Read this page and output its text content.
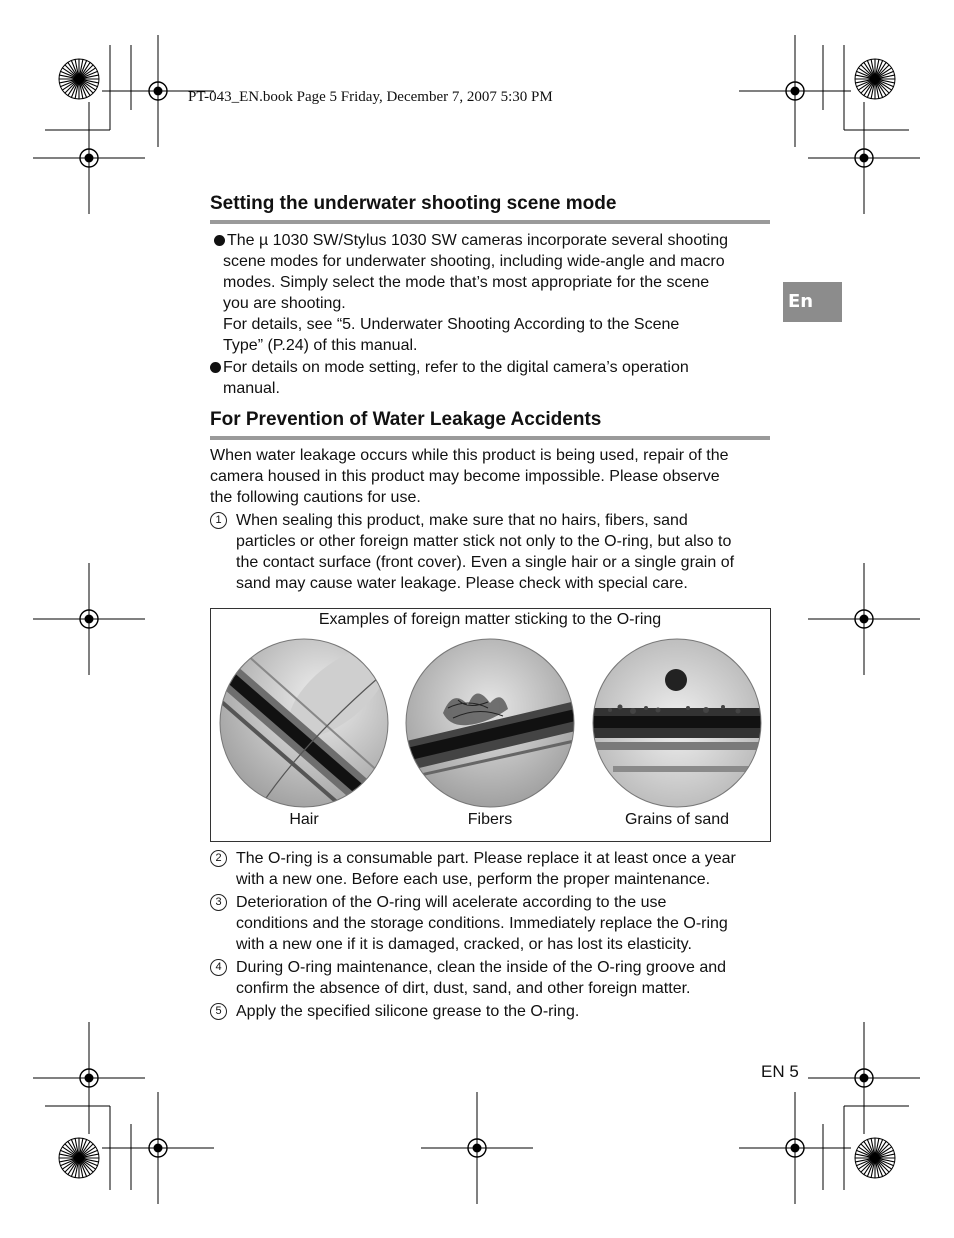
PT-043_EN.book Page 5 Friday, December 7, 2007 5:30 PM
En
Setting the underwater shooting scene mode
The µ 1030 SW/Stylus 1030 SW cameras incorporate several shooting
scene modes for underwater shooting, including wide-angle and macro
modes. Simply select the mode that’s most appropriate for the scene
you are shooting.
For details, see “5. Underwater Shooting According to the Scene
Type” (P.24) of this manual.
For details on mode setting, refer to the digital camera’s operation
manual.
For Prevention of Water Leakage Accidents
When water leakage occurs while this product is being used, repair of the
camera housed in this product may become impossible. Please observe
the following cautions for use.
1 When sealing this product, make sure that no hairs, fibers, sand
particles or other foreign matter stick not only to the O-ring, but also to
the contact surface (front cover). Even a single hair or a single grain of
sand may cause water leakage. Please check with special care.
Examples of foreign matter sticking to the O-ring
Hair	Fibers	Grains of sand
2 The O-ring is a consumable part. Please replace it at least once a year
with a new one. Before each use, perform the proper maintenance.
3 Deterioration of the O-ring will acelerate according to the use
conditions and the storage conditions. Immediately replace the O-ring
with a new one if it is damaged, cracked, or has lost its elasticity.
4 During O-ring maintenance, clean the inside of the O-ring groove and
confirm the absence of dirt, dust, sand, and other foreign matter.
5 Apply the specified silicone grease to the O-ring.
EN 5
